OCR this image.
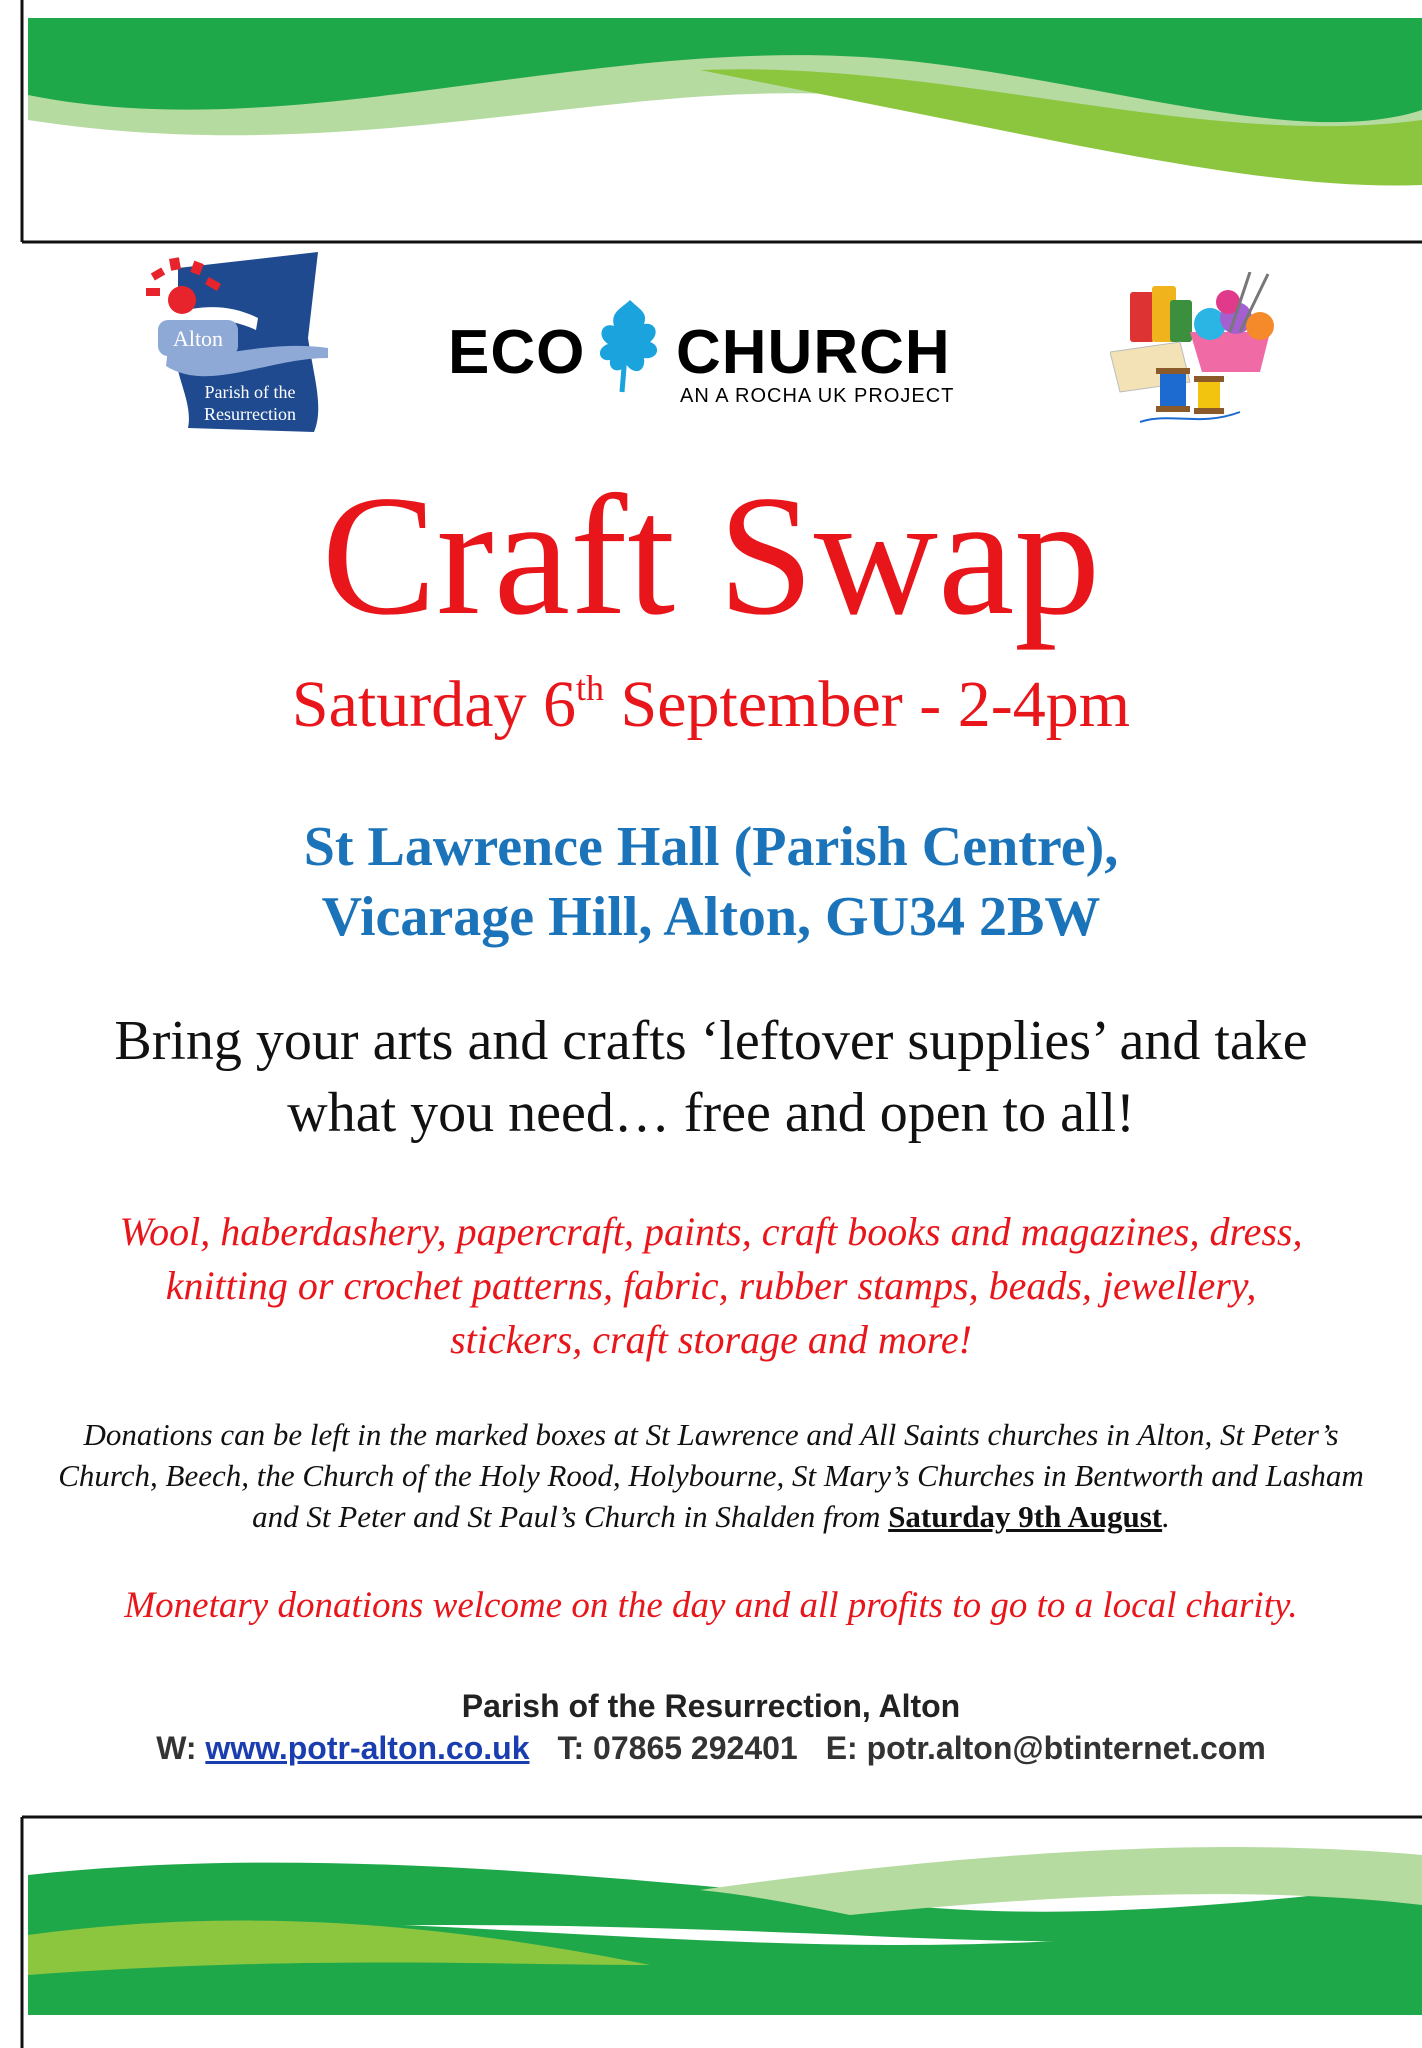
Alton
Parish of the
Resurrection
ECO CHURCH
AN A ROCHA UK PROJECT
Craft Swap
Saturday 6th September - 2-4pm
St Lawrence Hall (Parish Centre),
Vicarage Hill, Alton, GU34 2BW
Bring your arts and crafts ‘leftover supplies’ and take
what you need… free and open to all!
Wool, haberdashery, papercraft, paints, craft books and magazines, dress,
knitting or crochet patterns, fabric, rubber stamps, beads, jewellery,
stickers, craft storage and more!
Donations can be left in the marked boxes at St Lawrence and All Saints churches in Alton, St Peter’s Church, Beech, the Church of the Holy Rood, Holybourne, St Mary’s Churches in Bentworth and Lasham and St Peter and St Paul’s Church in Shalden from Saturday 9th August.
Monetary donations welcome on the day and all profits to go to a local charity.
Parish of the Resurrection, Alton
W: www.potr-alton.co.uk T: 07865 292401 E: potr.alton@btinternet.com
